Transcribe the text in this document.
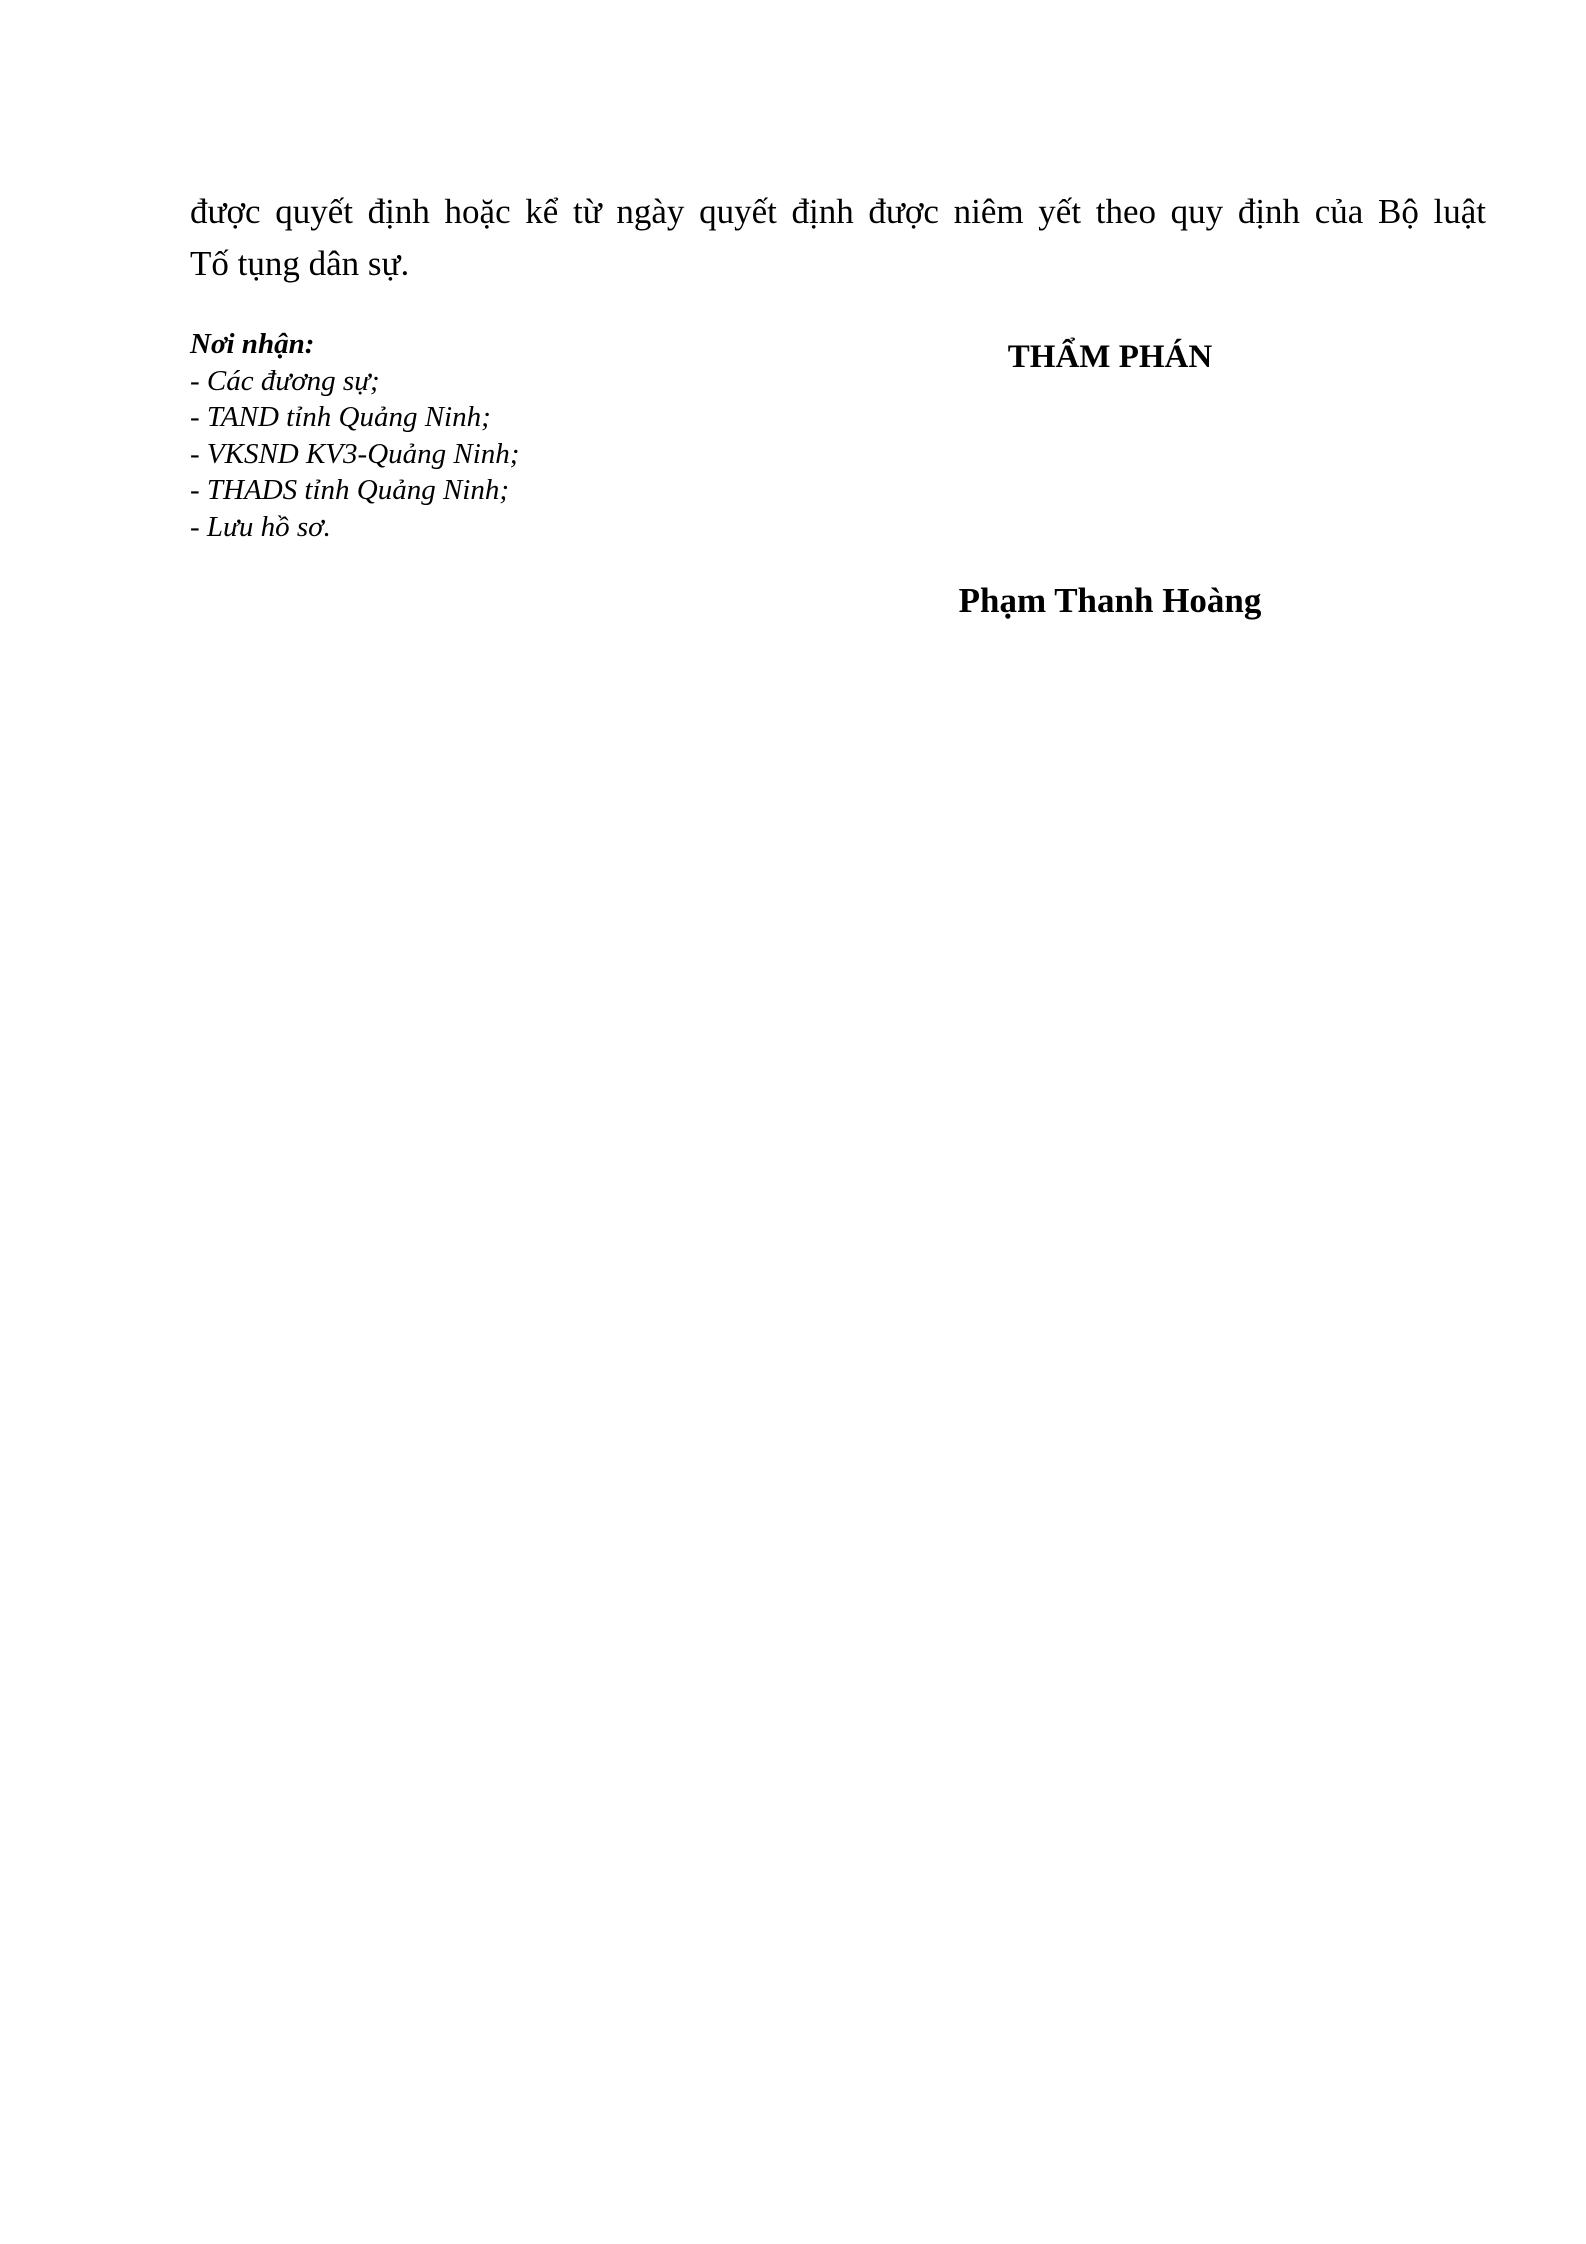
được quyết định hoặc kể từ ngày quyết định được niêm yết theo quy định của Bộ luật
Tố tụng dân sự.
Nơi nhận:
- Các đương sự;
- TAND tỉnh Quảng Ninh;
- VKSND KV3-Quảng Ninh;
- THADS tỉnh Quảng Ninh;
- Lưu hồ sơ.
THẨM PHÁN
Phạm Thanh Hoàng
